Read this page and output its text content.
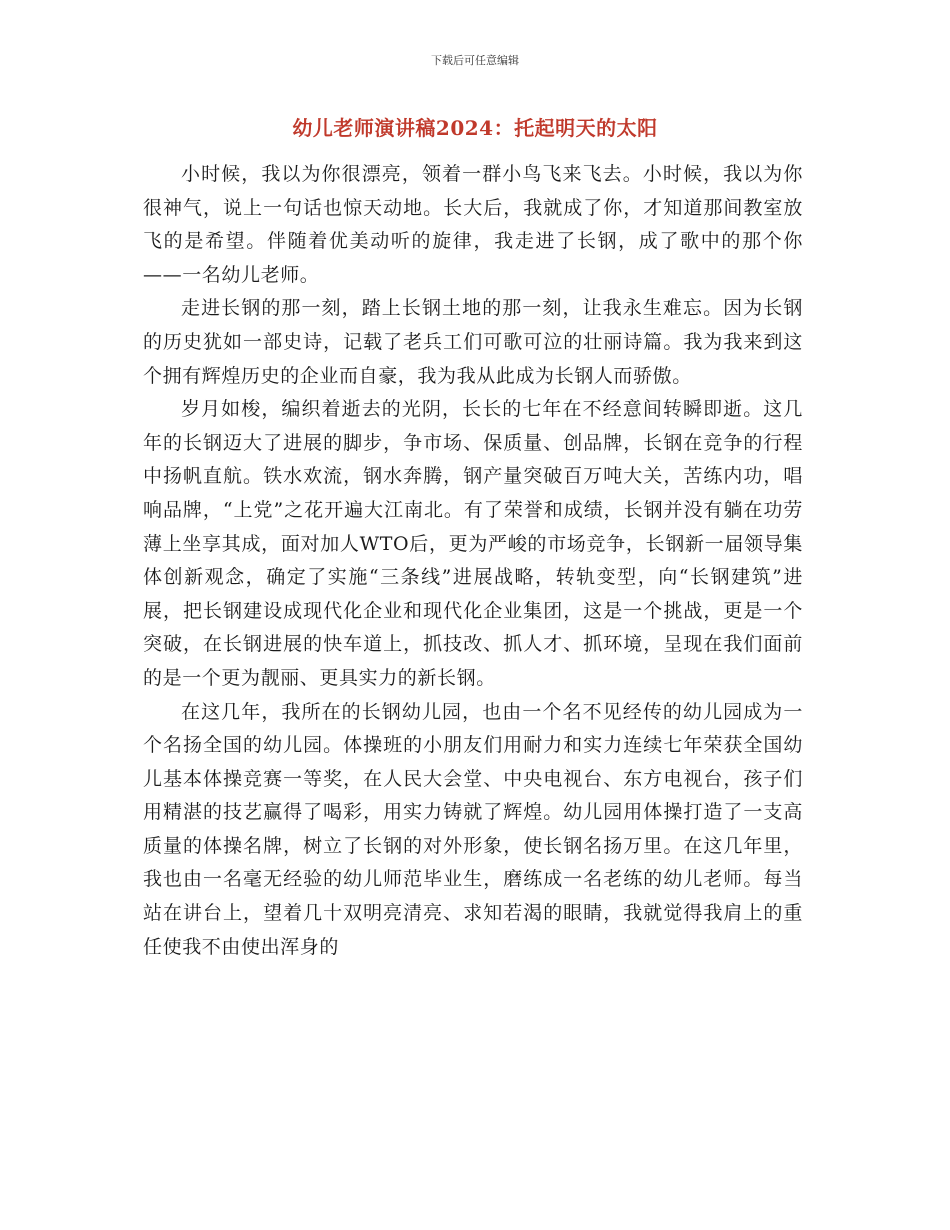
下载后可任意编辑
幼儿老师演讲稿2024：托起明天的太阳

小时候，我以为你很漂亮，领着一群小鸟飞来飞去。小时候，我以为你很神气，说上一句话也惊天动地。长大后，我就成了你，才知道那间教室放飞的是希望。伴随着优美动听的旋律，我走进了长钢，成了歌中的那个你——一名幼儿老师。

走进长钢的那一刻，踏上长钢土地的那一刻，让我永生难忘。因为长钢的历史犹如一部史诗，记载了老兵工们可歌可泣的壮丽诗篇。我为我来到这个拥有辉煌历史的企业而自豪，我为我从此成为长钢人而骄傲。

岁月如梭，编织着逝去的光阴，长长的七年在不经意间转瞬即逝。这几年的长钢迈大了进展的脚步，争市场、保质量、创品牌，长钢在竞争的行程中扬帆直航。铁水欢流，钢水奔腾，钢产量突破百万吨大关，苦练内功，唱响品牌，“上党”之花开遍大江南北。有了荣誉和成绩，长钢并没有躺在功劳薄上坐享其成，面对加人WTO后，更为严峻的市场竞争，长钢新一届领导集体创新观念，确定了实施“三条线”进展战略，转轨变型，向“长钢建筑”进展，把长钢建设成现代化企业和现代化企业集团，这是一个挑战，更是一个突破，在长钢进展的快车道上，抓技改、抓人才、抓环境，呈现在我们面前的是一个更为靓丽、更具实力的新长钢。

在这几年，我所在的长钢幼儿园，也由一个名不见经传的幼儿园成为一个名扬全国的幼儿园。体操班的小朋友们用耐力和实力连续七年荣获全国幼儿基本体操竞赛一等奖，在人民大会堂、中央电视台、东方电视台，孩子们用精湛的技艺赢得了喝彩，用实力铸就了辉煌。幼儿园用体操打造了一支高质量的体操名牌，树立了长钢的对外形象，使长钢名扬万里。在这几年里，我也由一名毫无经验的幼儿师范毕业生，磨练成一名老练的幼儿老师。每当站在讲台上，望着几十双明亮清亮、求知若渴的眼睛，我就觉得我肩上的重任使我不由使出浑身的
